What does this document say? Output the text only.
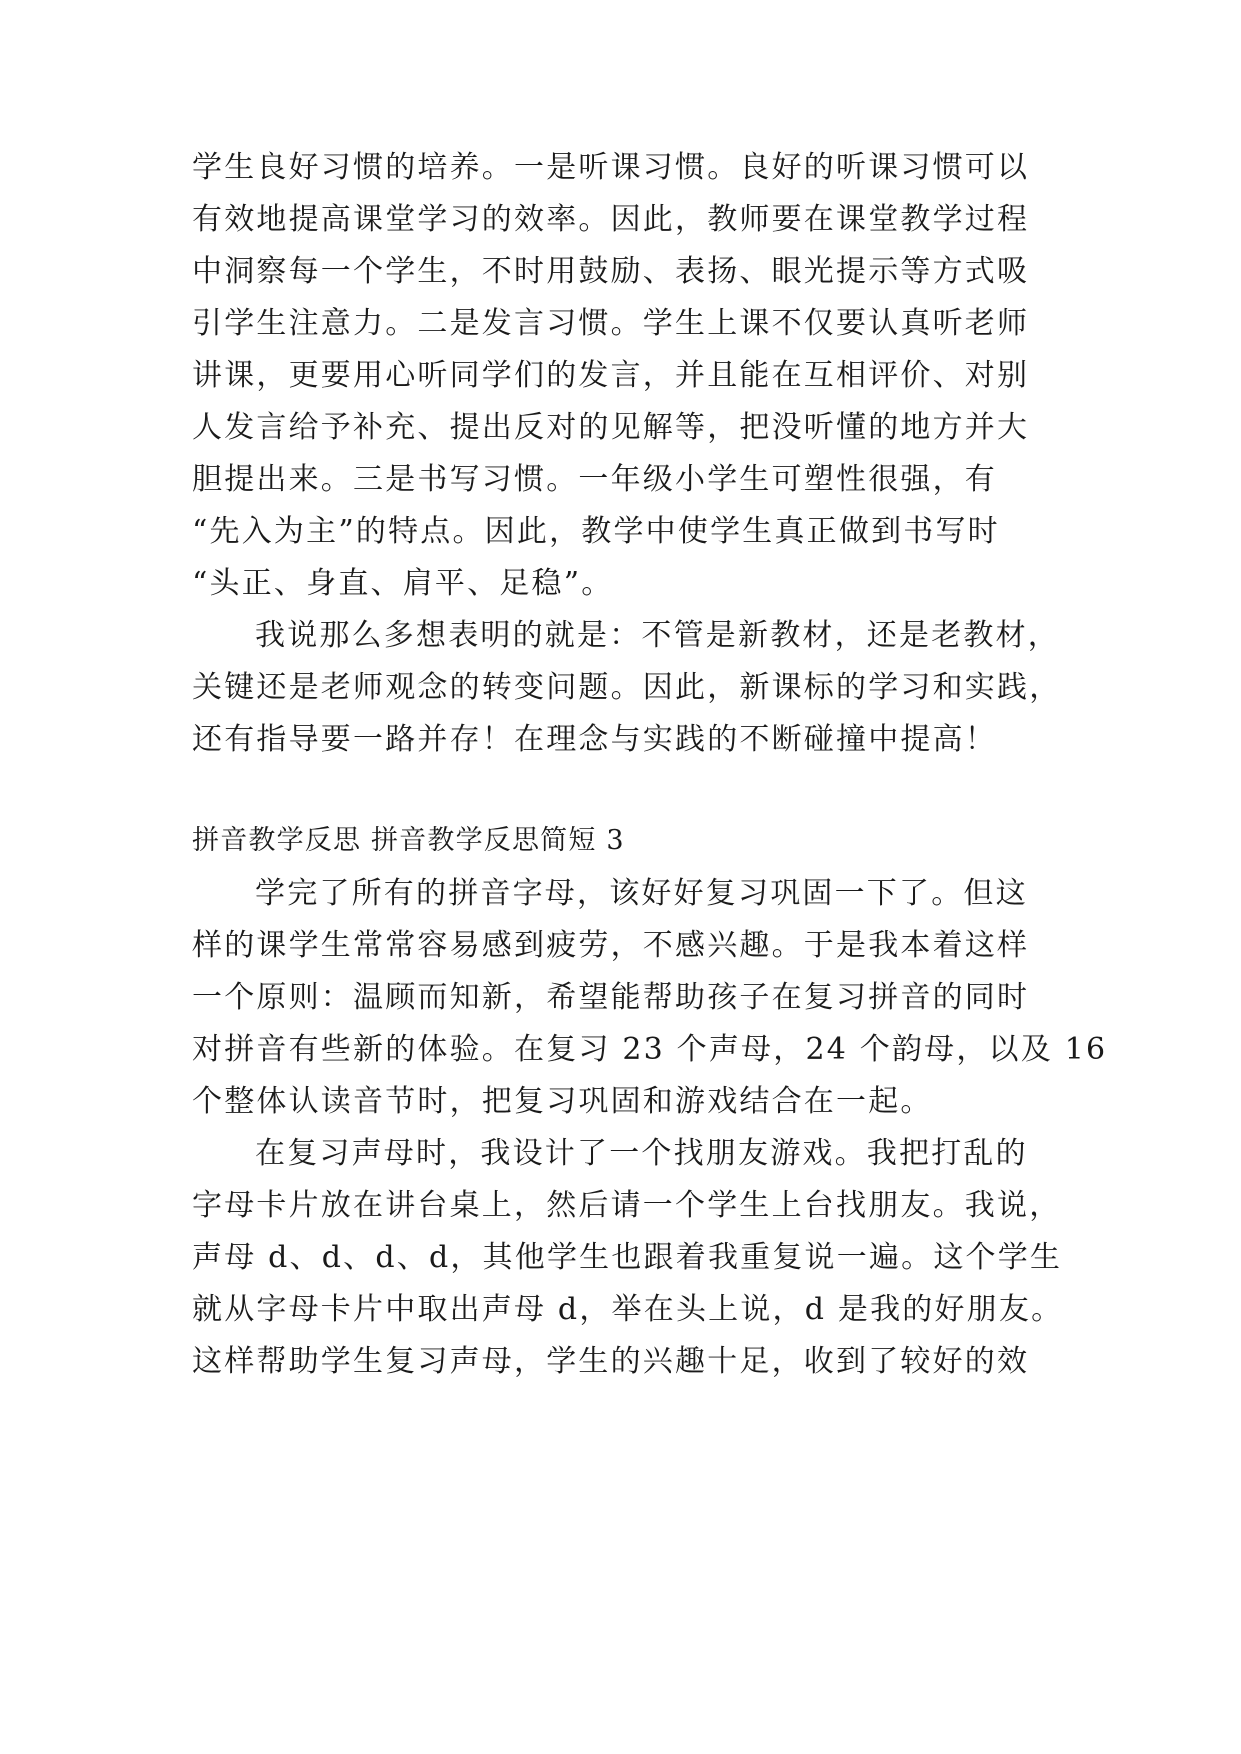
学生良好习惯的培养。一是听课习惯。良好的听课习惯可以
有效地提高课堂学习的效率。因此，教师要在课堂教学过程
中洞察每一个学生，不时用鼓励、表扬、眼光提示等方式吸
引学生注意力。二是发言习惯。学生上课不仅要认真听老师
讲课，更要用心听同学们的发言，并且能在互相评价、对别
人发言给予补充、提出反对的见解等，把没听懂的地方并大
胆提出来。三是书写习惯。一年级小学生可塑性很强，有
“先入为主”的特点。因此，教学中使学生真正做到书写时
“头正、身直、肩平、足稳”。
我说那么多想表明的就是：不管是新教材，还是老教材，
关键还是老师观念的转变问题。因此，新课标的学习和实践，
还有指导要一路并存！在理念与实践的不断碰撞中提高！
拼音教学反思 拼音教学反思简短 3
学完了所有的拼音字母，该好好复习巩固一下了。但这
样的课学生常常容易感到疲劳，不感兴趣。于是我本着这样
一个原则：温顾而知新，希望能帮助孩子在复习拼音的同时
对拼音有些新的体验。在复习 23 个声母，24 个韵母，以及 16
个整体认读音节时，把复习巩固和游戏结合在一起。
在复习声母时，我设计了一个找朋友游戏。我把打乱的
字母卡片放在讲台桌上，然后请一个学生上台找朋友。我说，
声母 d、d、d、d，其他学生也跟着我重复说一遍。这个学生
就从字母卡片中取出声母 d，举在头上说，d 是我的好朋友。
这样帮助学生复习声母，学生的兴趣十足，收到了较好的效
